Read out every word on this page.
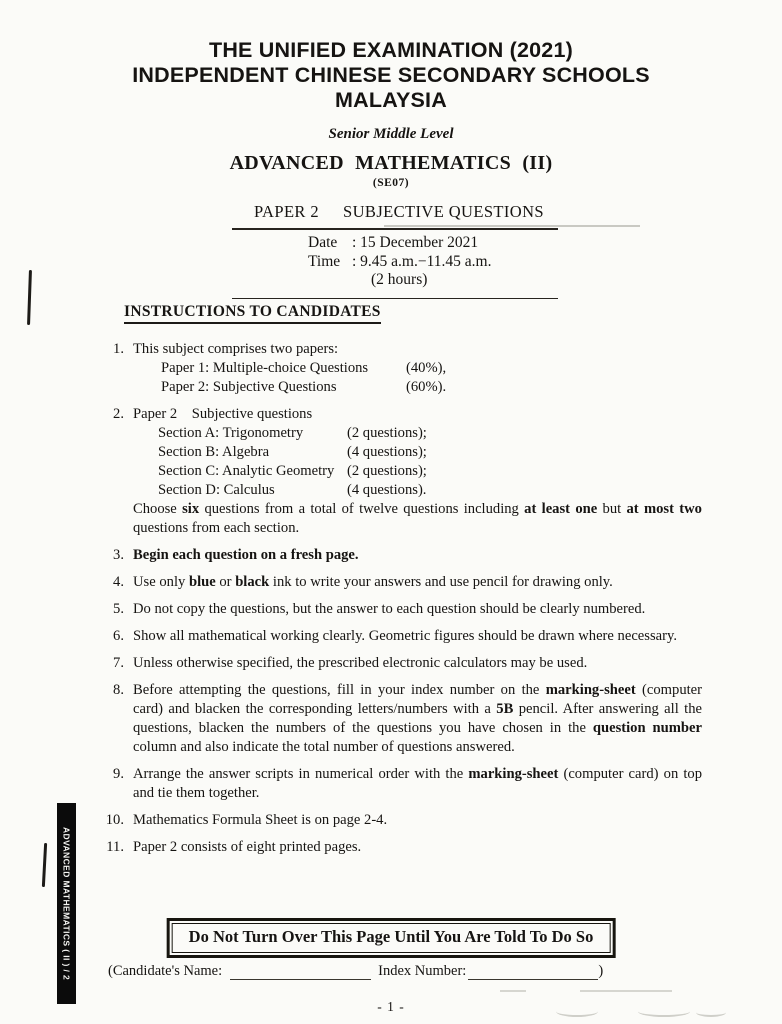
THE UNIFIED EXAMINATION (2021)
INDEPENDENT CHINESE SECONDARY SCHOOLS
MALAYSIA
Senior Middle Level
ADVANCED MATHEMATICS (II)
(SE07)
PAPER 2 SUBJECTIVE QUESTIONS
Date : 15 December 2021
Time : 9.45 a.m.−11.45 a.m.
(2 hours)
INSTRUCTIONS TO CANDIDATES
1. This subject comprises two papers:
Paper 1: Multiple-choice Questions	(40%),
Paper 2: Subjective Questions	(60%).
2. Paper 2    Subjective questions
Section A: Trigonometry	(2 questions);
Section B: Algebra	(4 questions);
Section C: Analytic Geometry (2 questions);
Section D: Calculus	(4 questions).
Choose six questions from a total of twelve questions including at least one but at most two questions from each section.
3. Begin each question on a fresh page.
4. Use only blue or black ink to write your answers and use pencil for drawing only.
5. Do not copy the questions, but the answer to each question should be clearly numbered.
6. Show all mathematical working clearly. Geometric figures should be drawn where necessary.
7. Unless otherwise specified, the prescribed electronic calculators may be used.
8. Before attempting the questions, fill in your index number on the marking-sheet (computer card) and blacken the corresponding letters/numbers with a 5B pencil. After answering all the questions, blacken the numbers of the questions you have chosen in the question number column and also indicate the total number of questions answered.
9. Arrange the answer scripts in numerical order with the marking-sheet (computer card) on top and tie them together.
10. Mathematics Formula Sheet is on page 2-4.
11. Paper 2 consists of eight printed pages.
Do Not Turn Over This Page Until You Are Told To Do So
(Candidate's Name:	Index Number:	)
- 1 -
ADVANCED MATHEMATICS ( II ) / 2
